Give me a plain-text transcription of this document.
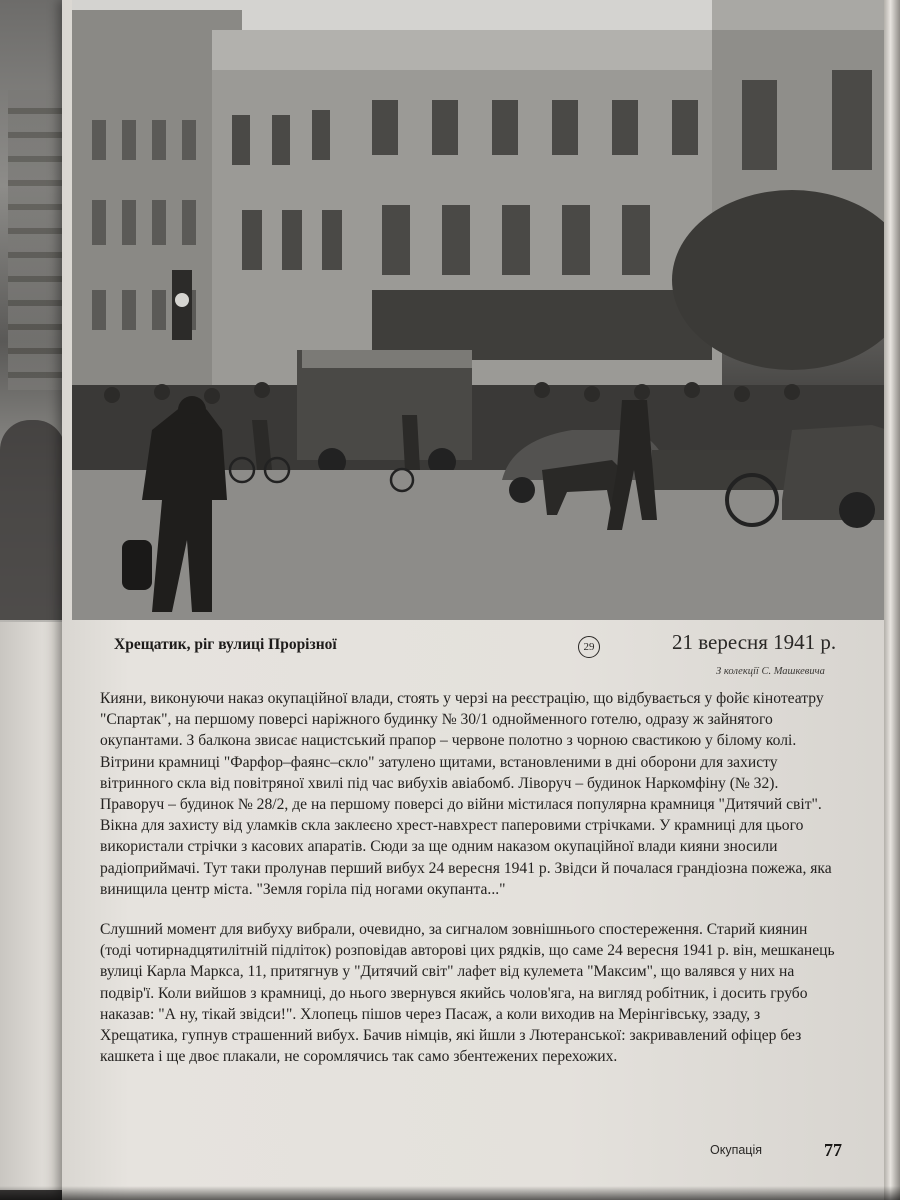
Хрещатик, ріг вулиці Прорізної	29	21 вересня 1941 р.
З колекції С. Машкевича

Кияни, виконуючи наказ окупаційної влади, стоять у черзі на реєстрацію, що відбувається у фойє кінотеатру "Спартак", на першому поверсі наріжного будинку № 30/1 однойменного готелю, одразу ж зайнятого окупантами. З балкона звисає нацистський прапор – червоне полотно з чорною свастикою у білому колі. Вітрини крамниці "Фарфор–фаянс–скло" затулено щитами, встановленими в дні оборони для захисту вітринного скла від повітряної хвилі під час вибухів авіабомб. Ліворуч – будинок Наркомфіну (№ 32). Праворуч – будинок № 28/2, де на першому поверсі до війни містилася популярна крамниця "Дитячий світ". Вікна для захисту від уламків скла заклеєно хрест-навхрест паперовими стрічками. У крамниці для цього використали стрічки з касових апаратів. Сюди за ще одним наказом окупаційної влади кияни зносили радіоприймачі. Тут таки пролунав перший вибух 24 вересня 1941 р. Звідси й почалася грандіозна пожежа, яка винищила центр міста. "Земля горіла під ногами окупанта..."

Слушний момент для вибуху вибрали, очевидно, за сигналом зовнішнього спостереження. Старий киянин (тоді чотирнадцятилітній підліток) розповідав авторові цих рядків, що саме 24 вересня 1941 р. він, мешканець вулиці Карла Маркса, 11, притягнув у "Дитячий світ" лафет від кулемета "Максим", що валявся у них на подвір'ї. Коли вийшов з крамниці, до нього звернувся якийсь чолов'яга, на вигляд робітник, і досить грубо наказав: "А ну, тікай звідси!". Хлопець пішов через Пасаж, а коли виходив на Мерінгівську, ззаду, з Хрещатика, гупнув страшенний вибух. Бачив німців, які йшли з Лютеранської: закривавлений офіцер без кашкета і ще двоє плакали, не соромлячись так само збентежених перехожих.

Окупація	77
